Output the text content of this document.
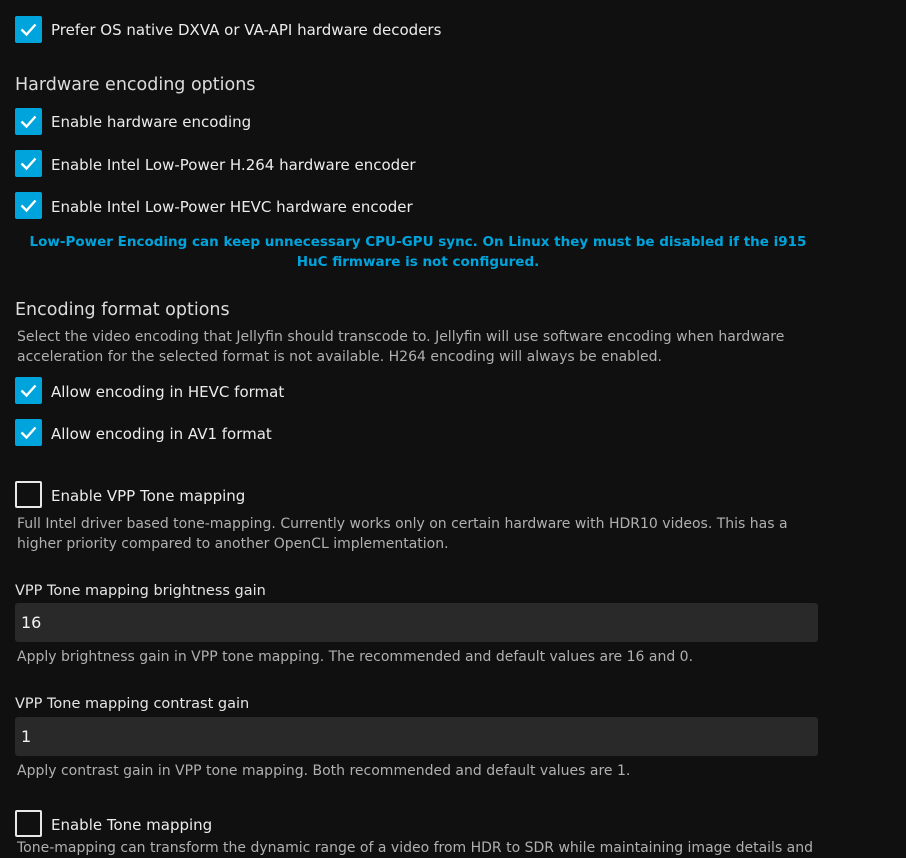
Prefer OS native DXVA or VA-API hardware decoders
Hardware encoding options
Enable hardware encoding
Enable Intel Low-Power H.264 hardware encoder
Enable Intel Low-Power HEVC hardware encoder
Low-Power Encoding can keep unnecessary CPU-GPU sync. On Linux they must be disabled if the i915 HuC firmware is not configured.
Encoding format options
Select the video encoding that Jellyfin should transcode to. Jellyfin will use software encoding when hardware acceleration for the selected format is not available. H264 encoding will always be enabled.
Allow encoding in HEVC format
Allow encoding in AV1 format
Enable VPP Tone mapping
Full Intel driver based tone-mapping. Currently works only on certain hardware with HDR10 videos. This has a higher priority compared to another OpenCL implementation.
VPP Tone mapping brightness gain
16
Apply brightness gain in VPP tone mapping. The recommended and default values are 16 and 0.
VPP Tone mapping contrast gain
1
Apply contrast gain in VPP tone mapping. Both recommended and default values are 1.
Enable Tone mapping
Tone-mapping can transform the dynamic range of a video from HDR to SDR while maintaining image details and
